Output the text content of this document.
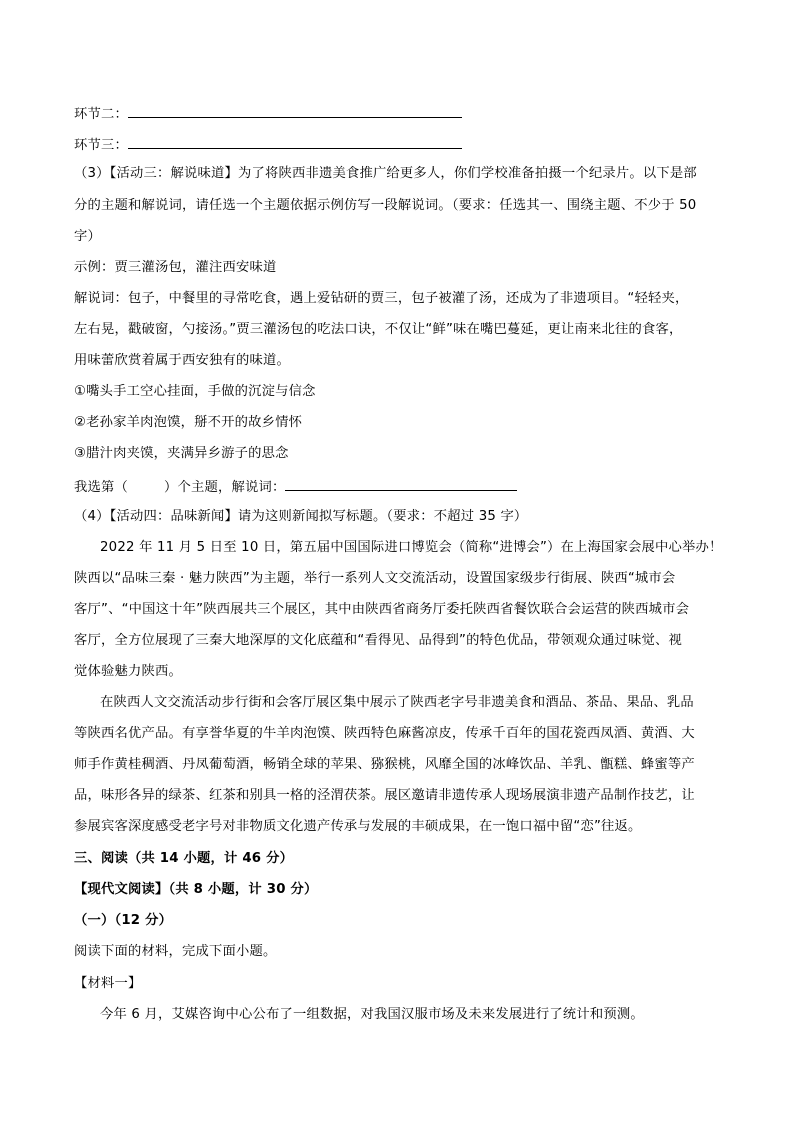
环节二：
环节三：
（3）【活动三：解说味道】为了将陕西非遗美食推广给更多人，你们学校准备拍摄一个纪录片。以下是部
分的主题和解说词，请任选一个主题依据示例仿写一段解说词。（要求：任选其一、围绕主题、不少于 50
字）
示例：贾三灌汤包，灌注西安味道
解说词：包子，中餐里的寻常吃食，遇上爱钻研的贾三，包子被灌了汤，还成为了非遗项目。“轻轻夹，
左右晃，戳破窗，勺接汤。”贾三灌汤包的吃法口诀，不仅让“鲜”味在嘴巴蔓延，更让南来北往的食客，
用味蕾欣赏着属于西安独有的味道。
①嘴头手工空心挂面，手做的沉淀与信念
②老孙家羊肉泡馍，掰不开的故乡情怀
③腊汁肉夹馍，夹满异乡游子的思念
我选第（	）个主题，解说词：
（4）【活动四：品味新闻】请为这则新闻拟写标题。（要求：不超过 35 字）
2022 年 11 月 5 日至 10 日，第五届中国国际进口博览会（简称“进博会”）在上海国家会展中心举办！
陕西以“品味三秦 · 魅力陕西”为主题，举行一系列人文交流活动，设置国家级步行街展、陕西“城市会
客厅”、“中国这十年”陕西展共三个展区，其中由陕西省商务厅委托陕西省餐饮联合会运营的陕西城市会
客厅，全方位展现了三秦大地深厚的文化底蕴和“看得见、品得到”的特色优品，带领观众通过味觉、视
觉体验魅力陕西。
在陕西人文交流活动步行街和会客厅展区集中展示了陕西老字号非遗美食和酒品、茶品、果品、乳品
等陕西名优产品。有享誉华夏的牛羊肉泡馍、陕西特色麻酱凉皮，传承千百年的国花瓷西凤酒、黄酒、大
师手作黄桂稠酒、丹凤葡萄酒，畅销全球的苹果、猕猴桃，风靡全国的冰峰饮品、羊乳、甑糕、蜂蜜等产
品，味形各异的绿茶、红茶和别具一格的泾渭茯茶。展区邀请非遗传承人现场展演非遗产品制作技艺，让
参展宾客深度感受老字号对非物质文化遗产传承与发展的丰硕成果，在一饱口福中留“恋”往返。
三、阅读（共 14 小题，计 46 分）
【现代文阅读】（共 8 小题，计 30 分）
（一）（12 分）
阅读下面的材料，完成下面小题。
【材料一】
今年 6 月，艾媒咨询中心公布了一组数据，对我国汉服市场及未来发展进行了统计和预测。
